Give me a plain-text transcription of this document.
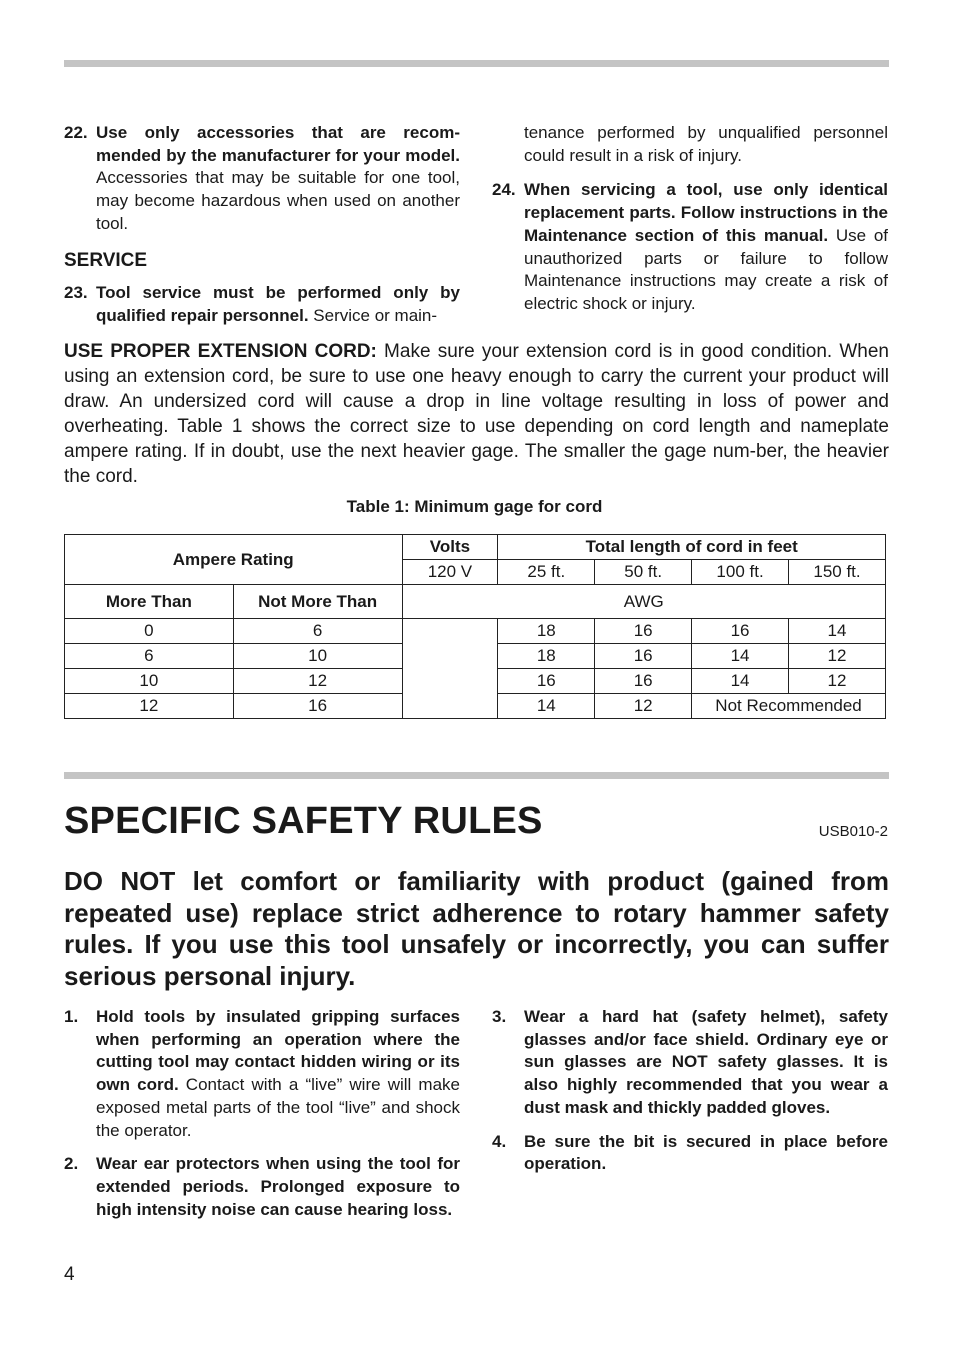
22. Use only accessories that are recom-mended by the manufacturer for your model. Accessories that may be suitable for one tool, may become hazardous when used on another tool.
SERVICE
23. Tool service must be performed only by qualified repair personnel. Service or main-
tenance performed by unqualified personnel could result in a risk of injury.
24. When servicing a tool, use only identical replacement parts. Follow instructions in the Maintenance section of this manual. Use of unauthorized parts or failure to follow Maintenance instructions may create a risk of electric shock or injury.
USE PROPER EXTENSION CORD: Make sure your extension cord is in good condition. When using an extension cord, be sure to use one heavy enough to carry the current your product will draw. An undersized cord will cause a drop in line voltage resulting in loss of power and overheating. Table 1 shows the correct size to use depending on cord length and nameplate ampere rating. If in doubt, use the next heavier gage. The smaller the gage num-ber, the heavier the cord.
Table 1: Minimum gage for cord
Ampere Rating		Volts	Total length of cord in feet			
		120 V	25 ft.	50 ft.	100 ft.	150 ft.
More Than	Not More Than	AWG				
0	6		18	16	16	14
6	10		18	16	14	12
10	12		16	16	14	12
12	16		14	12	Not Recommended	
SPECIFIC SAFETY RULES	USB010-2
DO NOT let comfort or familiarity with product (gained from repeated use) replace strict adherence to rotary hammer safety rules. If you use this tool unsafely or incorrectly, you can suffer serious personal injury.
1. Hold tools by insulated gripping surfaces when performing an operation where the cutting tool may contact hidden wiring or its own cord. Contact with a “live” wire will make exposed metal parts of the tool “live” and shock the operator.
2. Wear ear protectors when using the tool for extended periods. Prolonged exposure to high intensity noise can cause hearing loss.
3. Wear a hard hat (safety helmet), safety glasses and/or face shield. Ordinary eye or sun glasses are NOT safety glasses. It is also highly recommended that you wear a dust mask and thickly padded gloves.
4. Be sure the bit is secured in place before operation.
4
